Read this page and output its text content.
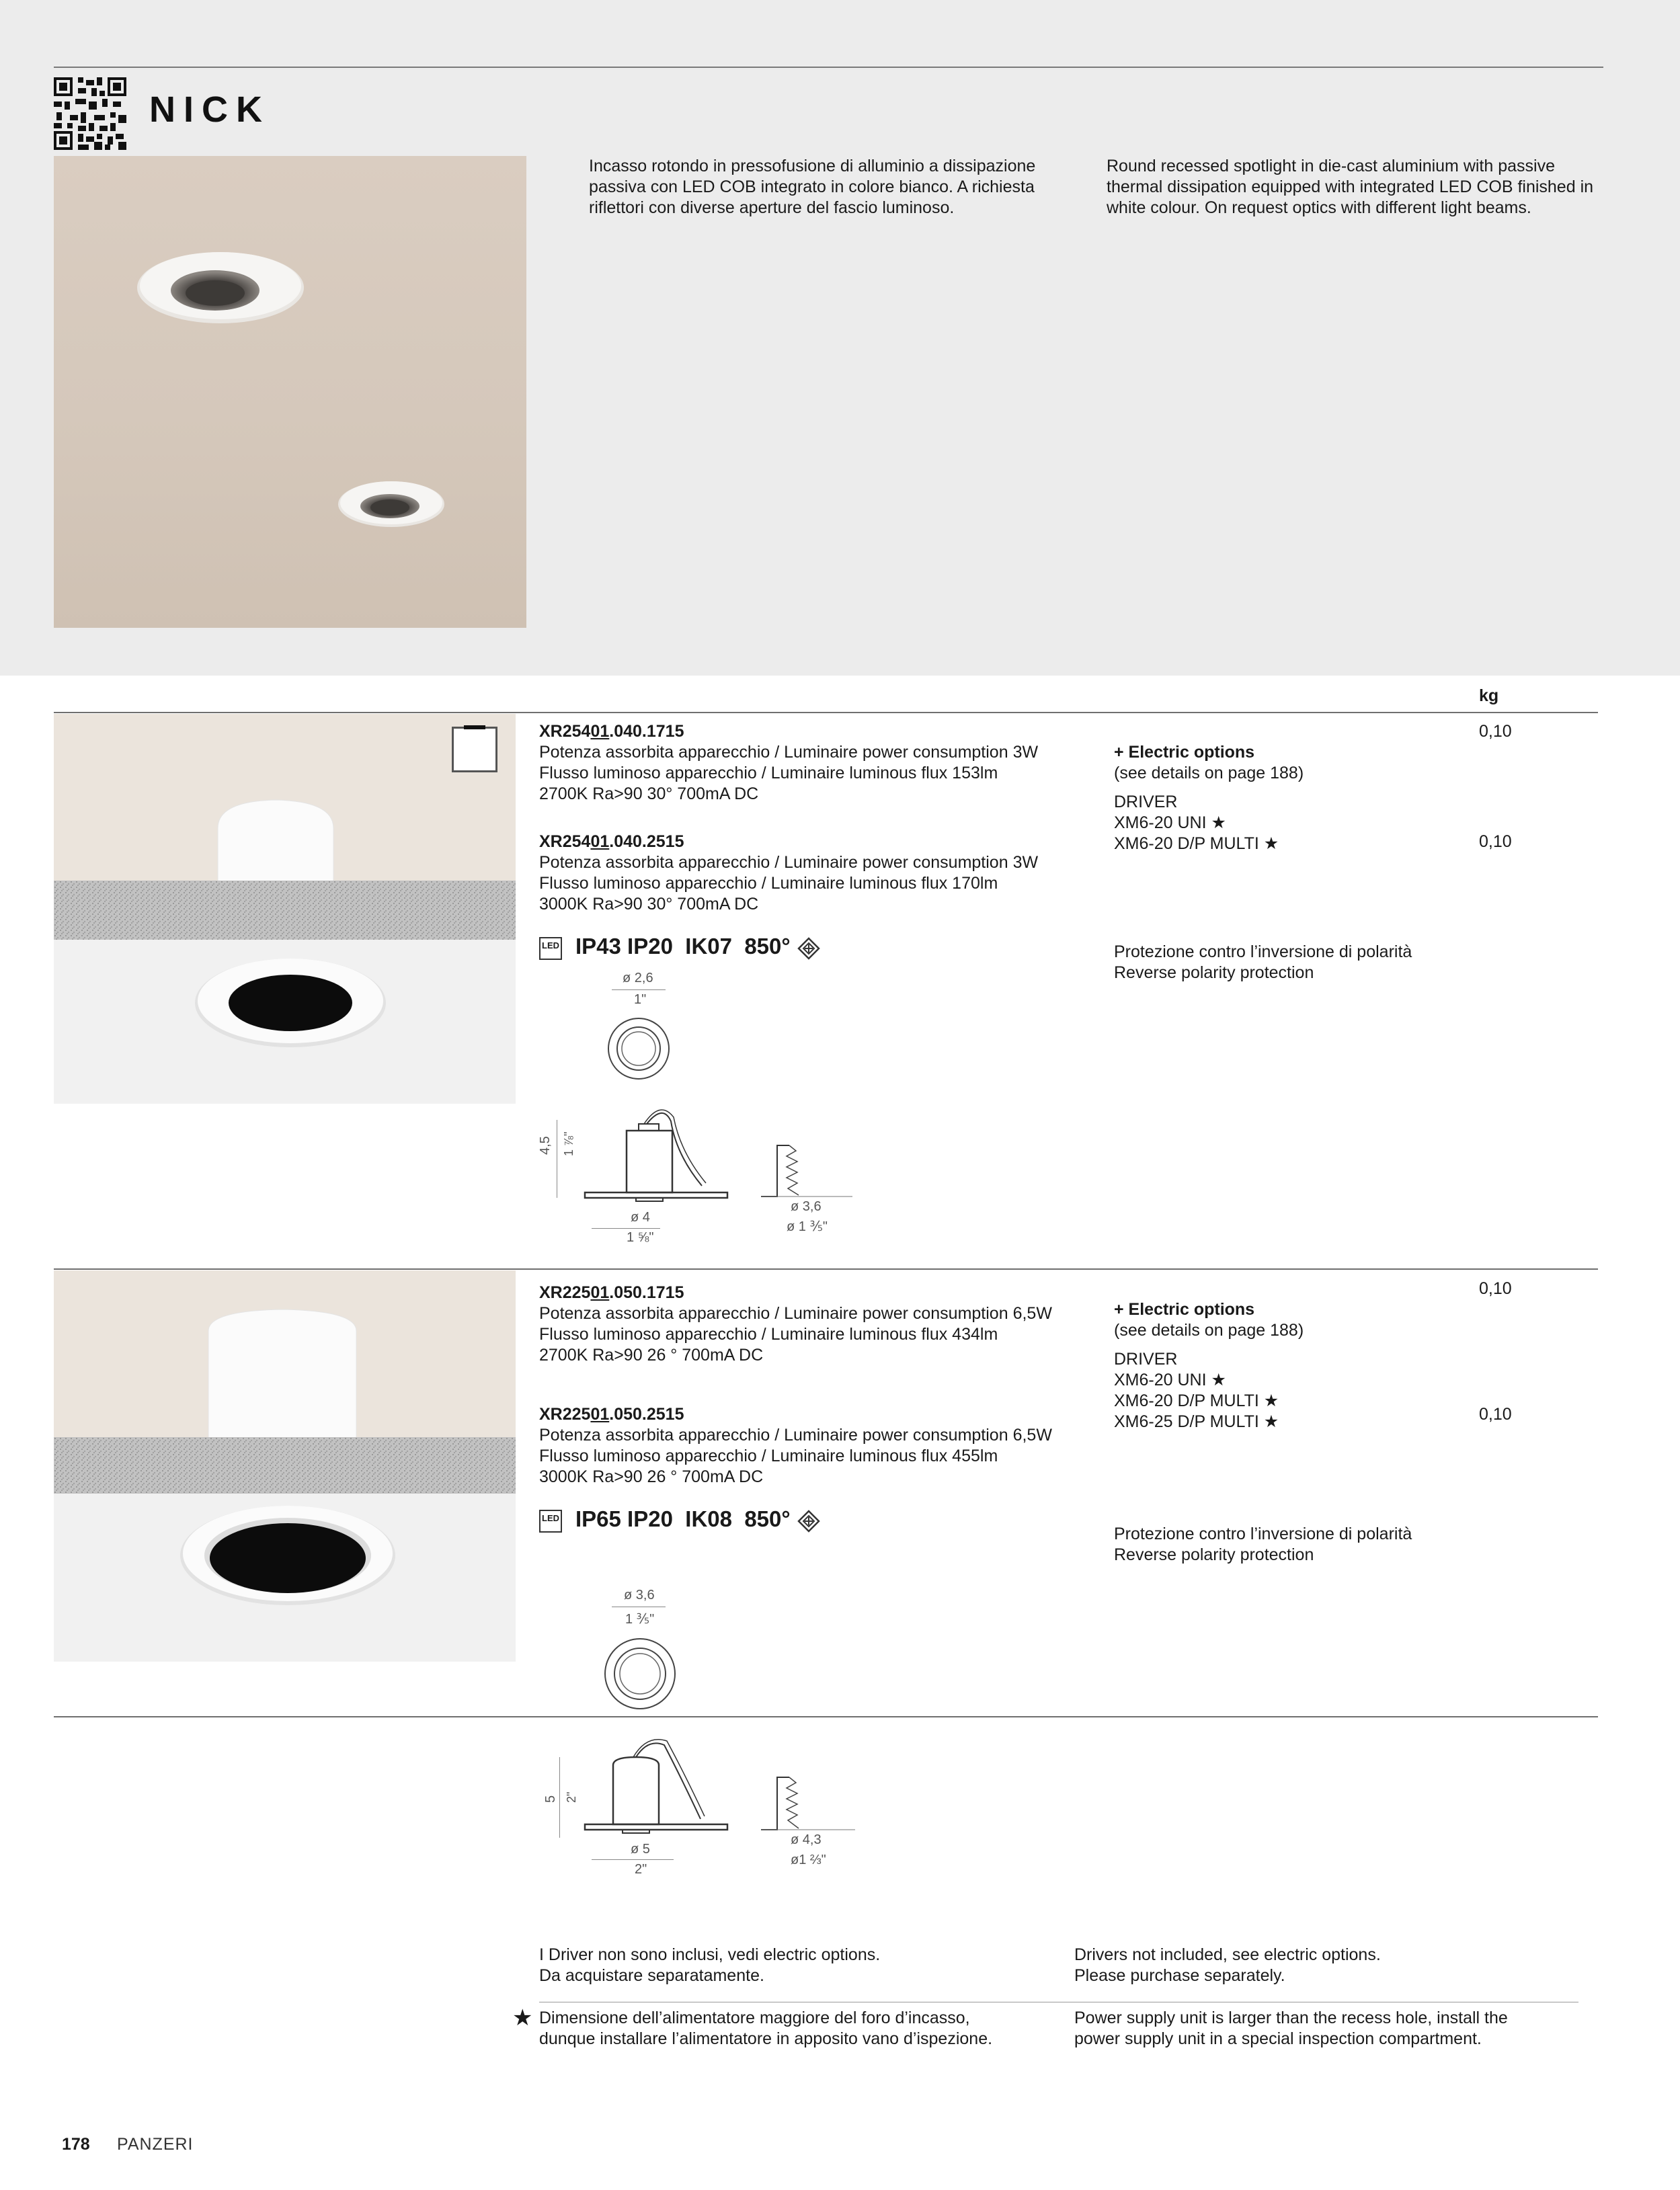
NICK
Incasso rotondo in pressofusione di alluminio a dissipazione
passiva con LED COB integrato in colore bianco. A richiesta
riflettori con diverse aperture del fascio luminoso.
Round recessed spotlight in die-cast aluminium with passive
thermal dissipation equipped with integrated LED COB finished in
white colour. On request optics with different light beams.
kg
XR25401.040.1715
Potenza assorbita apparecchio / Luminaire power consumption 3W
Flusso luminoso apparecchio / Luminaire luminous flux 153lm
2700K Ra>90 30° 700mA DC
XR25401.040.2515
Potenza assorbita apparecchio / Luminaire power consumption 3W
Flusso luminoso apparecchio / Luminaire luminous flux 170lm
3000K Ra>90 30° 700mA DC
LED IP43 IP20  IK07  850°
+ Electric options
(see details on page 188)
DRIVER
XM6-20 UNI ★
XM6-20 D/P MULTI ★
Protezione contro l’inversione di polarità
Reverse polarity protection
0,10
0,10
ø 2,6
1"
4,5 1 ⅞"
ø 4
1 ⅝"
ø 3,6
ø 1 ⅗"
XR22501.050.1715
Potenza assorbita apparecchio / Luminaire power consumption 6,5W
Flusso luminoso apparecchio / Luminaire luminous flux 434lm
2700K Ra>90 26 ° 700mA DC
XR22501.050.2515
Potenza assorbita apparecchio / Luminaire power consumption 6,5W
Flusso luminoso apparecchio / Luminaire luminous flux 455lm
3000K Ra>90 26 ° 700mA DC
LED IP65 IP20  IK08  850°
+ Electric options
(see details on page 188)
DRIVER
XM6-20 UNI ★
XM6-20 D/P MULTI ★
XM6-25 D/P MULTI ★
Protezione contro l’inversione di polarità
Reverse polarity protection
0,10
0,10
ø 3,6
1 ⅗"
5 2"
ø 5
2"
ø 4,3
ø1 ⅔"
I Driver non sono inclusi, vedi electric options.
Da acquistare separatamente.
Drivers not included, see electric options.
Please purchase separately.
★ Dimensione dell’alimentatore maggiore del foro d’incasso,
dunque installare l’alimentatore in apposito vano d’ispezione.
Power supply unit is larger than the recess hole, install the
power supply unit in a special inspection compartment.
178 PANZERI
